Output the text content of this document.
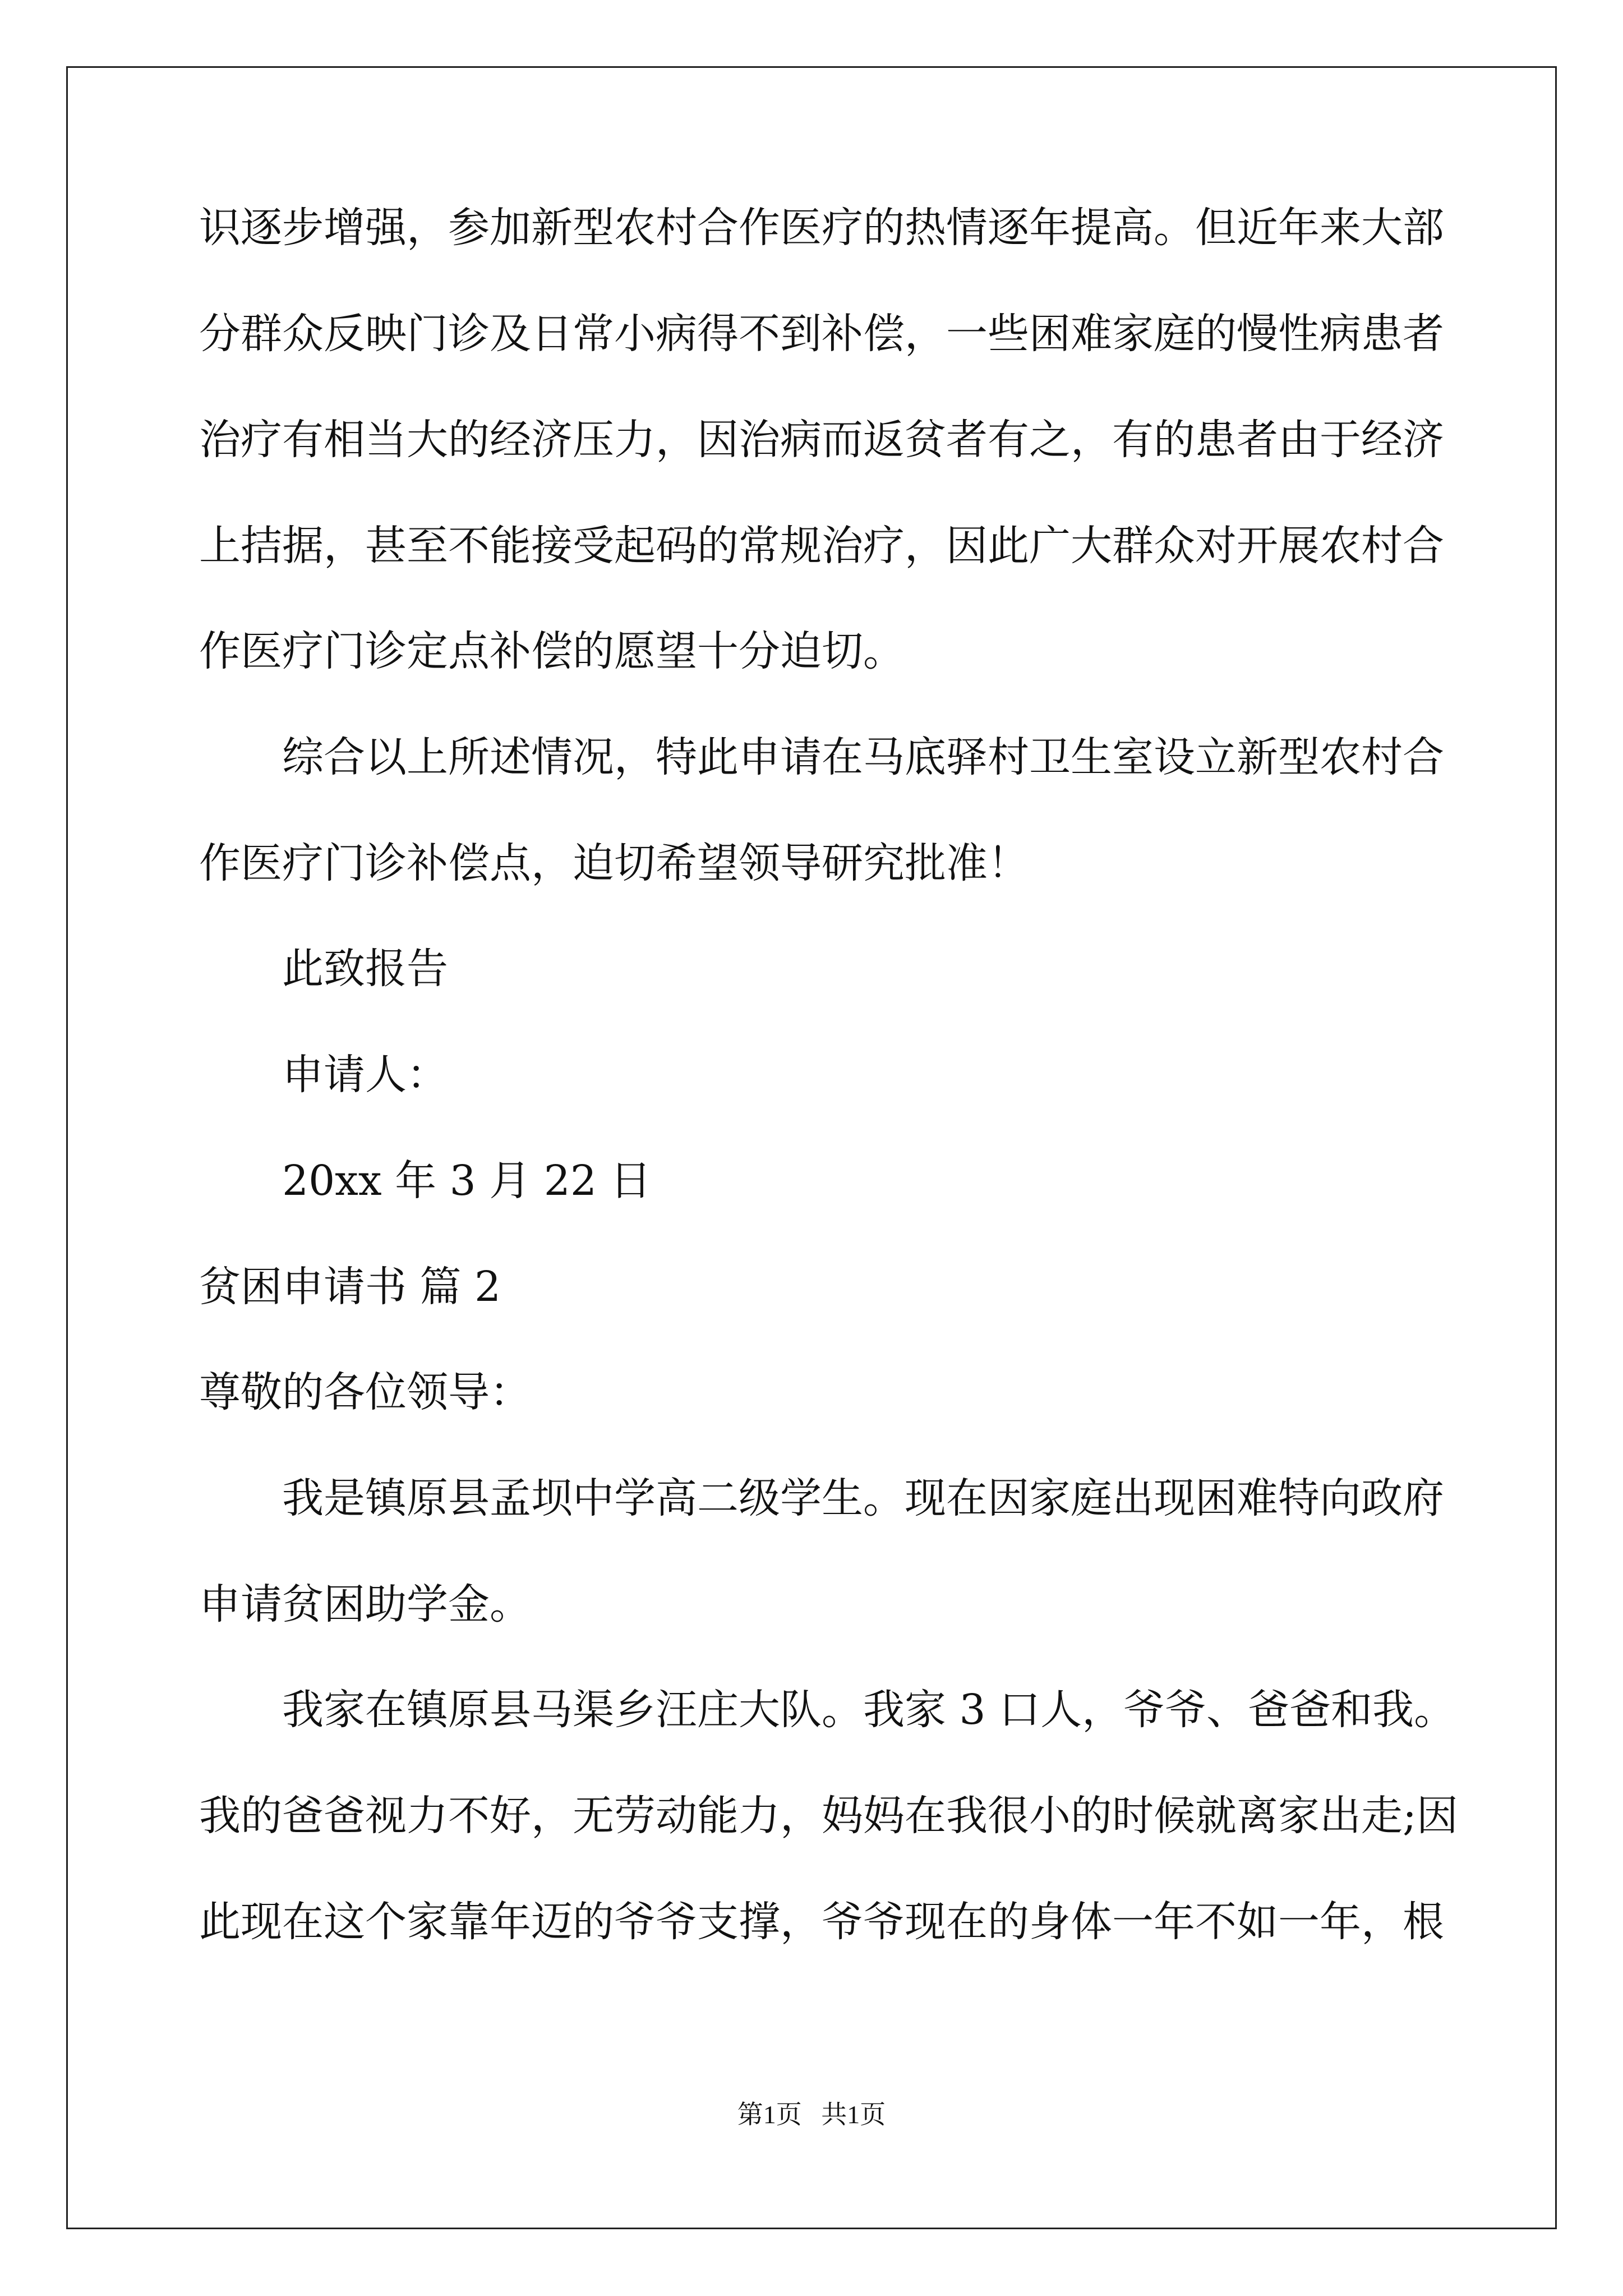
识逐步增强，参加新型农村合作医疗的热情逐年提高。但近年来大部
分群众反映门诊及日常小病得不到补偿，一些困难家庭的慢性病患者
治疗有相当大的经济压力，因治病而返贫者有之，有的患者由于经济
上拮据，甚至不能接受起码的常规治疗，因此广大群众对开展农村合
作医疗门诊定点补偿的愿望十分迫切。
综合以上所述情况，特此申请在马底驿村卫生室设立新型农村合
作医疗门诊补偿点，迫切希望领导研究批准！
此致报告
申请人：
20xx 年 3 月 22 日
贫困申请书 篇 2
尊敬的各位领导：
我是镇原县孟坝中学高二级学生。现在因家庭出现困难特向政府
申请贫困助学金。
我家在镇原县马渠乡汪庄大队。我家 3 口人，爷爷、爸爸和我。
我的爸爸视力不好，无劳动能力，妈妈在我很小的时候就离家出走;因
此现在这个家靠年迈的爷爷支撑，爷爷现在的身体一年不如一年，根
第1页   共1页
